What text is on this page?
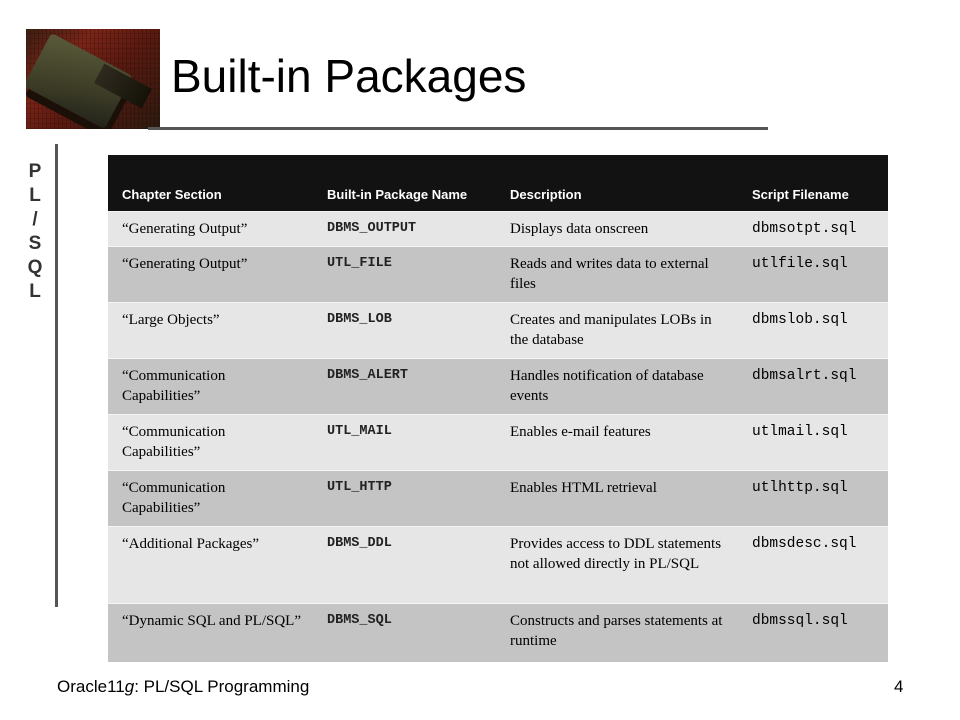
Built-in Packages
P
L
/
S
Q
L
Chapter Section	Built-in Package Name	Description	Script Filename
“Generating Output”	DBMS_OUTPUT	Displays data onscreen	dbmsotpt.sql
“Generating Output”	UTL_FILE	Reads and writes data to external files	utlfile.sql
“Large Objects”	DBMS_LOB	Creates and manipulates LOBs in the database	dbmslob.sql
“Communication Capabilities”	DBMS_ALERT	Handles notification of database events	dbmsalrt.sql
“Communication Capabilities”	UTL_MAIL	Enables e-mail features	utlmail.sql
“Communication Capabilities”	UTL_HTTP	Enables HTML retrieval	utlhttp.sql
“Additional Packages”	DBMS_DDL	Provides access to DDL statements not allowed directly in PL/SQL	dbmsdesc.sql
“Dynamic SQL and PL/SQL”	DBMS_SQL	Constructs and parses statements at runtime	dbmssql.sql
Oracle11g: PL/SQL Programming	4
